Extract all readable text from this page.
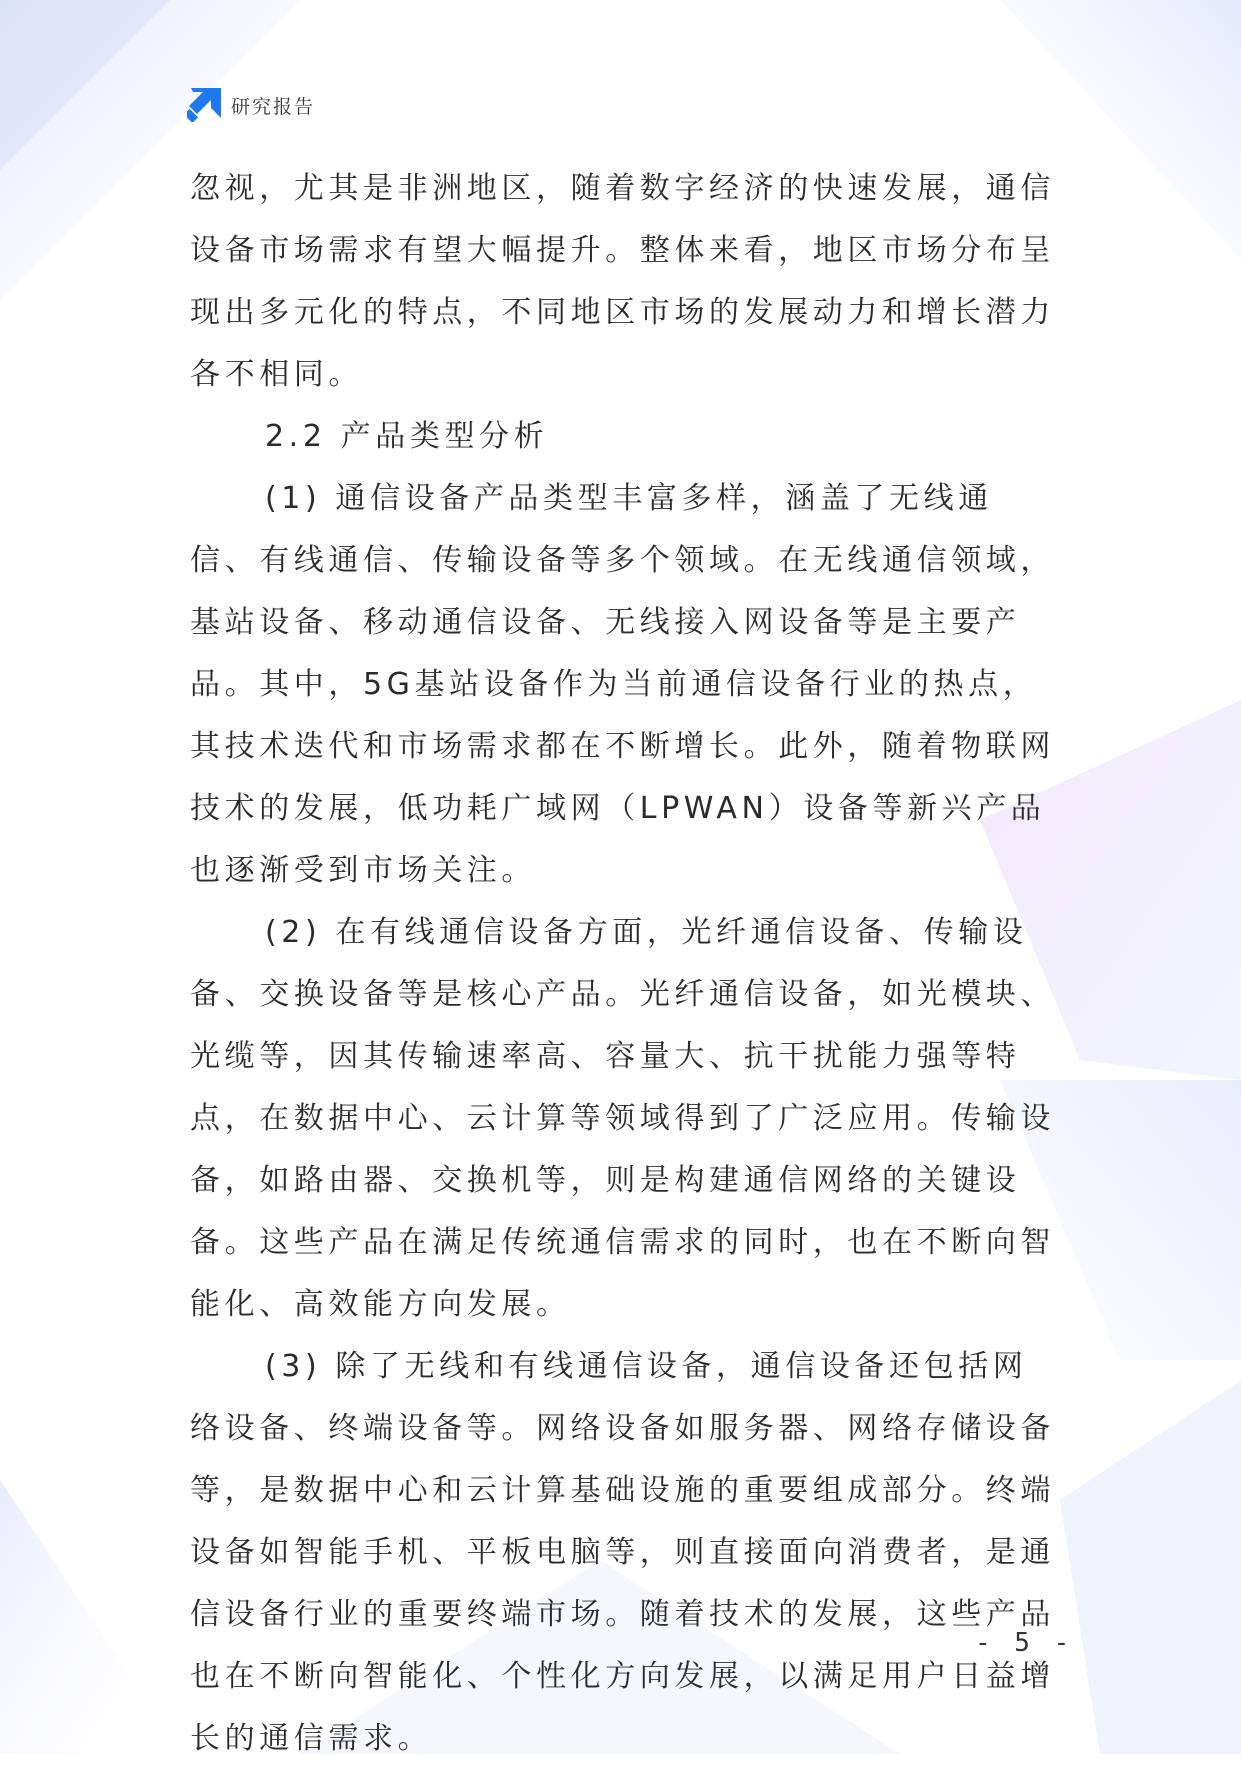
研究报告

忽视，尤其是非洲地区，随着数字经济的快速发展，通信设备市场需求有望大幅提升。整体来看，地区市场分布呈现出多元化的特点，不同地区市场的发展动力和增长潜力各不相同。

2.2 产品类型分析

(1) 通信设备产品类型丰富多样，涵盖了无线通信、有线通信、传输设备等多个领域。在无线通信领域，基站设备、移动通信设备、无线接入网设备等是主要产品。其中，5G基站设备作为当前通信设备行业的热点，其技术迭代和市场需求都在不断增长。此外，随着物联网技术的发展，低功耗广域网（LPWAN）设备等新兴产品也逐渐受到市场关注。

(2) 在有线通信设备方面，光纤通信设备、传输设备、交换设备等是核心产品。光纤通信设备，如光模块、光缆等，因其传输速率高、容量大、抗干扰能力强等特点，在数据中心、云计算等领域得到了广泛应用。传输设备，如路由器、交换机等，则是构建通信网络的关键设备。这些产品在满足传统通信需求的同时，也在不断向智能化、高效能方向发展。

(3) 除了无线和有线通信设备，通信设备还包括网络设备、终端设备等。网络设备如服务器、网络存储设备等，是数据中心和云计算基础设施的重要组成部分。终端设备如智能手机、平板电脑等，则直接面向消费者，是通信设备行业的重要终端市场。随着技术的发展，这些产品也在不断向智能化、个性化方向发展，以满足用户日益增长的通信需求。

- 5 -
